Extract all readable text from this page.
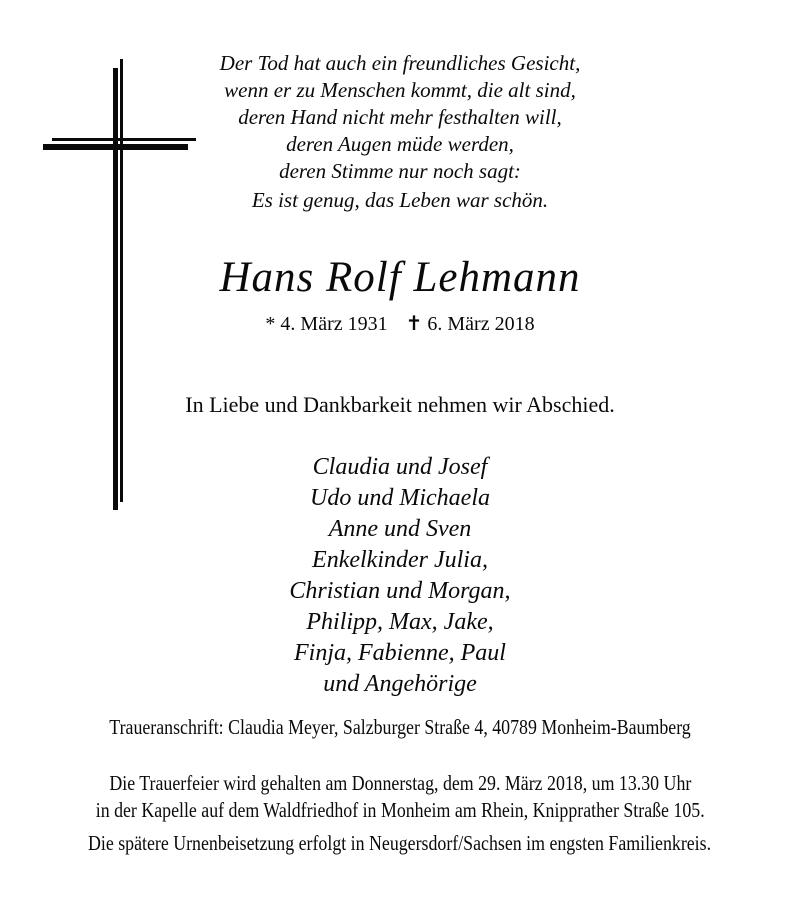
Der Tod hat auch ein freundliches Gesicht,
wenn er zu Menschen kommt, die alt sind,
deren Hand nicht mehr festhalten will,
deren Augen müde werden,
deren Stimme nur noch sagt:
Es ist genug, das Leben war schön.
Hans Rolf Lehmann
* 4. März 1931 ✝ 6. März 2018
In Liebe und Dankbarkeit nehmen wir Abschied.
Claudia und Josef
Udo und Michaela
Anne und Sven
Enkelkinder Julia,
Christian und Morgan,
Philipp, Max, Jake,
Finja, Fabienne, Paul
und Angehörige
Traueranschrift: Claudia Meyer, Salzburger Straße 4, 40789 Monheim-Baumberg
Die Trauerfeier wird gehalten am Donnerstag, dem 29. März 2018, um 13.30 Uhr
in der Kapelle auf dem Waldfriedhof in Monheim am Rhein, Knipprather Straße 105.
Die spätere Urnenbeisetzung erfolgt in Neugersdorf/Sachsen im engsten Familienkreis.
